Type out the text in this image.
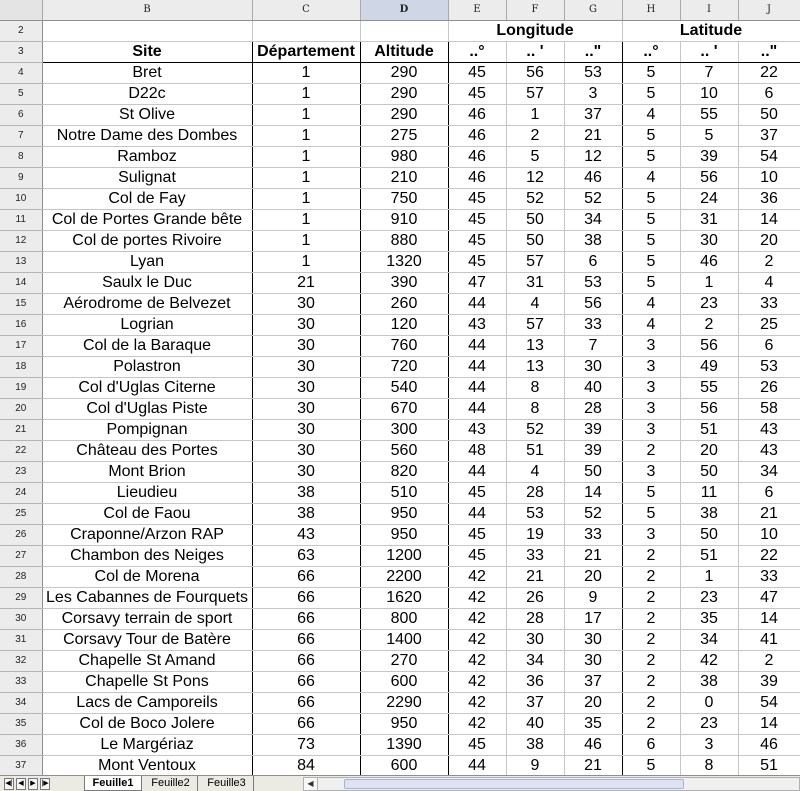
	B	C	D	E	F	G	H	I	J
2				Longitude			Latitude		
3	Site	Département	Altitude	..°	.. '	.."	..°	.. '	.."
4	Bret	1	290	45	56	53	5	7	22
5	D22c	1	290	45	57	3	5	10	6
6	St Olive	1	290	46	1	37	4	55	50
7	Notre Dame des Dombes	1	275	46	2	21	5	5	37
8	Ramboz	1	980	46	5	12	5	39	54
9	Sulignat	1	210	46	12	46	4	56	10
10	Col de Fay	1	750	45	52	52	5	24	36
11	Col de Portes Grande bête	1	910	45	50	34	5	31	14
12	Col de portes Rivoire	1	880	45	50	38	5	30	20
13	Lyan	1	1320	45	57	6	5	46	2
14	Saulx le Duc	21	390	47	31	53	5	1	4
15	Aérodrome de Belvezet	30	260	44	4	56	4	23	33
16	Logrian	30	120	43	57	33	4	2	25
17	Col de la Baraque	30	760	44	13	7	3	56	6
18	Polastron	30	720	44	13	30	3	49	53
19	Col d'Uglas Citerne	30	540	44	8	40	3	55	26
20	Col d'Uglas Piste	30	670	44	8	28	3	56	58
21	Pompignan	30	300	43	52	39	3	51	43
22	Château des Portes	30	560	48	51	39	2	20	43
23	Mont Brion	30	820	44	4	50	3	50	34
24	Lieudieu	38	510	45	28	14	5	11	6
25	Col de Faou	38	950	44	53	52	5	38	21
26	Craponne/Arzon RAP	43	950	45	19	33	3	50	10
27	Chambon des Neiges	63	1200	45	33	21	2	51	22
28	Col de Morena	66	2200	42	21	20	2	1	33
29	Les Cabannes de Fourquets	66	1620	42	26	9	2	23	47
30	Corsavy terrain de sport	66	800	42	28	17	2	35	14
31	Corsavy Tour de Batère	66	1400	42	30	30	2	34	41
32	Chapelle St Amand	66	270	42	34	30	2	42	2
33	Chapelle St Pons	66	600	42	36	37	2	38	39
34	Lacs de Camporeils	66	2290	42	37	20	2	0	54
35	Col de Boco Jolere	66	950	42	40	35	2	23	14
36	Le Margériaz	73	1390	45	38	46	6	3	46
37	Mont Ventoux	84	600	44	9	21	5	8	51
◀| ◀ ▶ |▶	Feuille1	Feuille2	Feuille3	◀
